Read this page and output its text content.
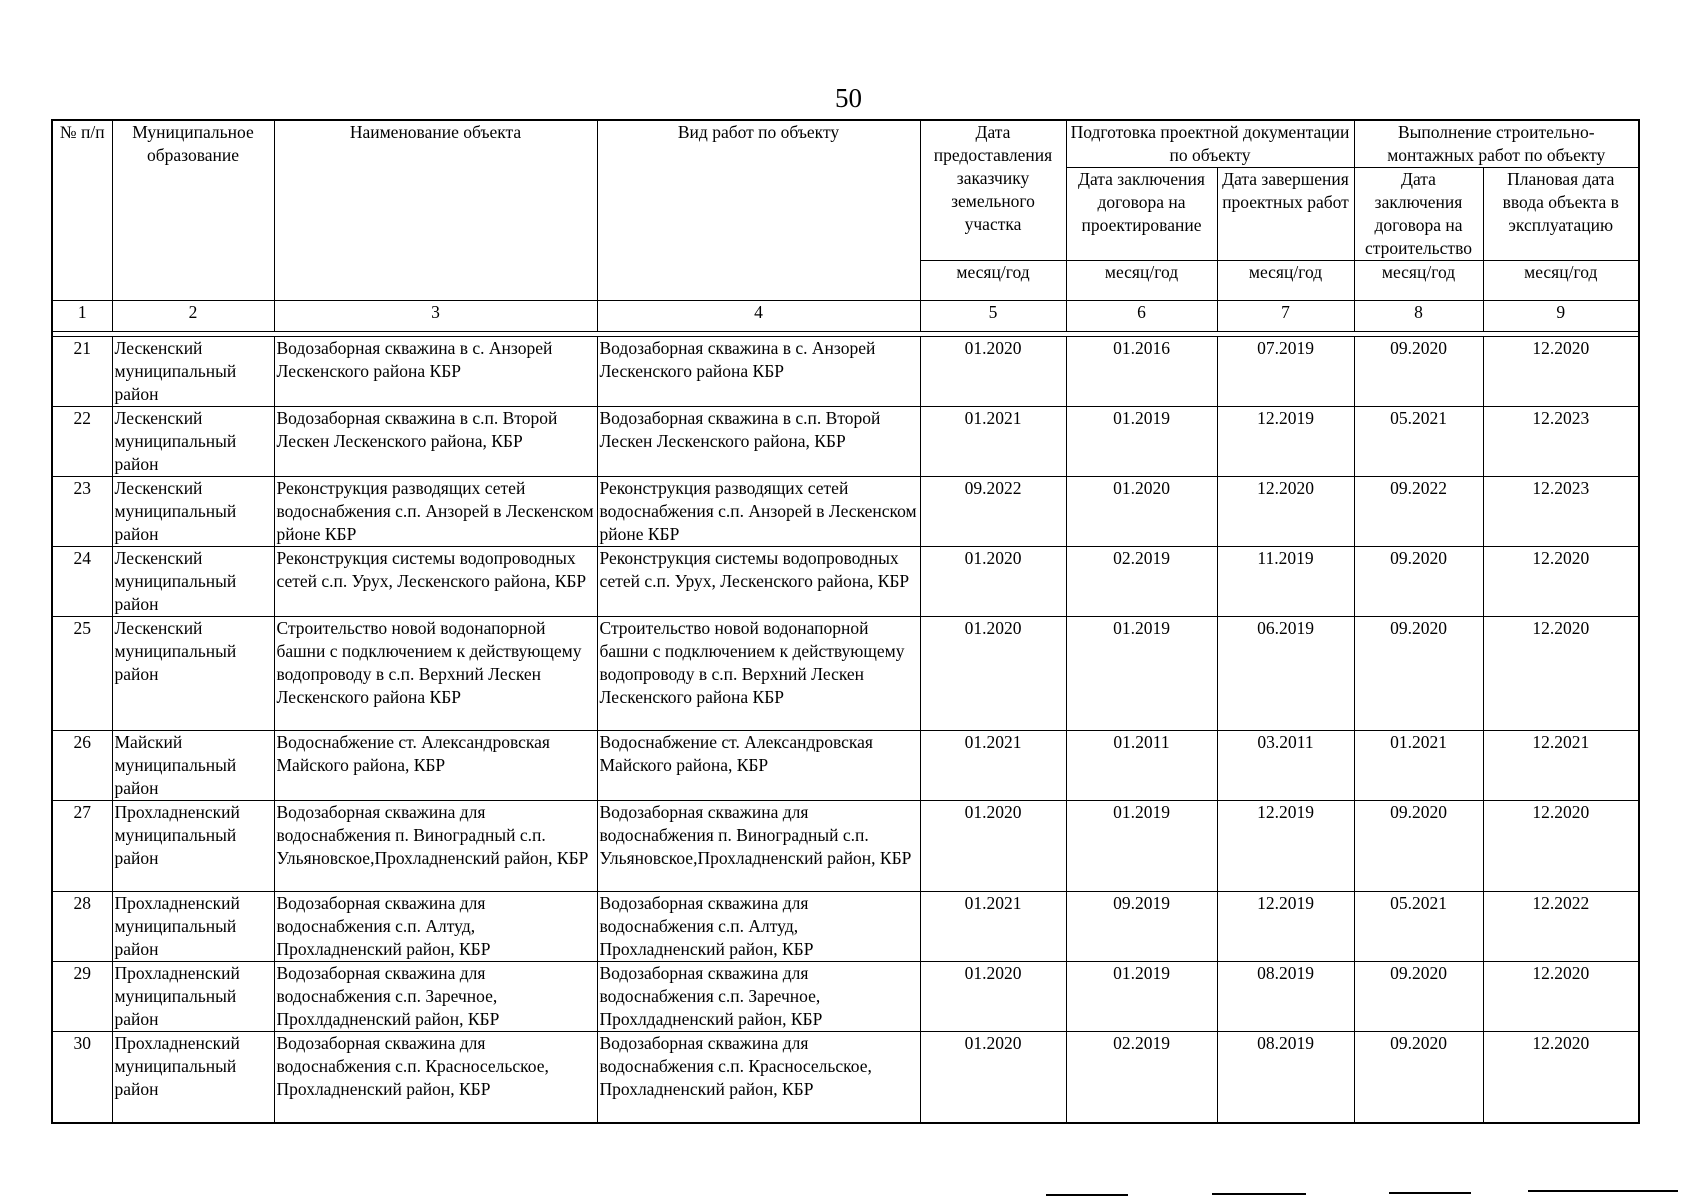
50
№ п/п	Муниципальное образование	Наименование объекта	Вид работ по объекту	Дата предоставления заказчику земельного участка	Подготовка проектной документации по объекту		Выполнение строительно-монтажных работ по объекту	
					Дата заключения договора на проектирование	Дата завершения проектных работ	Дата заключения договора на строительство	Плановая дата ввода объекта в эксплуатацию
				месяц/год	месяц/год	месяц/год	месяц/год	месяц/год
1	2	3	4	5	6	7	8	9

21	Лескенский муниципальный район	Водозаборная скважина в с. Анзорей Лескенского района КБР	Водозаборная скважина в с. Анзорей Лескенского района КБР	01.2020	01.2016	07.2019	09.2020	12.2020
22	Лескенский муниципальный район	Водозаборная скважина в с.п. Второй Лескен Лескенского района, КБР	Водозаборная скважина в с.п. Второй Лескен Лескенского района, КБР	01.2021	01.2019	12.2019	05.2021	12.2023
23	Лескенский муниципальный район	Реконструкция разводящих сетей водоснабжения с.п. Анзорей в Лескенском рйоне КБР	Реконструкция разводящих сетей водоснабжения с.п. Анзорей в Лескенском рйоне КБР	09.2022	01.2020	12.2020	09.2022	12.2023
24	Лескенский муниципальный район	Реконструкция системы водопроводных сетей с.п. Урух, Лескенского района, КБР	Реконструкция системы водопроводных сетей с.п. Урух, Лескенского района, КБР	01.2020	02.2019	11.2019	09.2020	12.2020
25	Лескенский муниципальный район	Строительство новой водонапорной башни с подключением к действующему водопроводу в с.п. Верхний Лескен Лескенского района КБР	Строительство новой водонапорной башни с подключением к действующему водопроводу в с.п. Верхний Лескен Лескенского района КБР	01.2020	01.2019	06.2019	09.2020	12.2020
26	Майский муниципальный район	Водоснабжение ст. Александровская Майского района, КБР	Водоснабжение ст. Александровская Майского района, КБР	01.2021	01.2011	03.2011	01.2021	12.2021
27	Прохладненский муниципальный район	Водозаборная скважина для водоснабжения п. Виноградный с.п. Ульяновское,Прохладненский район, КБР	Водозаборная скважина для водоснабжения п. Виноградный с.п. Ульяновское,Прохладненский район, КБР	01.2020	01.2019	12.2019	09.2020	12.2020
28	Прохладненский муниципальный район	Водозаборная скважина для водоснабжения с.п. Алтуд, Прохладненский район, КБР	Водозаборная скважина для водоснабжения с.п. Алтуд, Прохладненский район, КБР	01.2021	09.2019	12.2019	05.2021	12.2022
29	Прохладненский муниципальный район	Водозаборная скважина для водоснабжения с.п. Заречное, Прохлдадненский район, КБР	Водозаборная скважина для водоснабжения с.п. Заречное, Прохлдадненский район, КБР	01.2020	01.2019	08.2019	09.2020	12.2020
30	Прохладненский муниципальный район	Водозаборная скважина для водоснабжения с.п. Красносельское, Прохладненский район, КБР	Водозаборная скважина для водоснабжения с.п. Красносельское, Прохладненский район, КБР	01.2020	02.2019	08.2019	09.2020	12.2020
